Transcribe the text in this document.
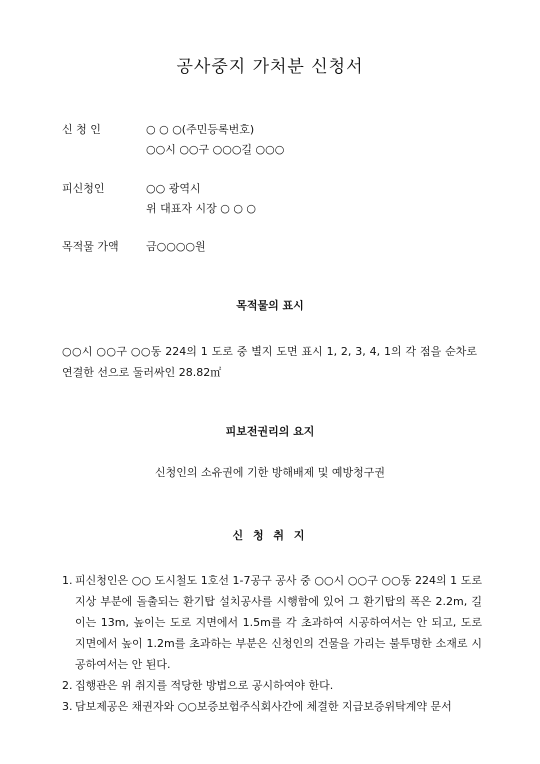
공사중지 가처분 신청서
신 청 인	○ ○ ○(주민등록번호)
○○시 ○○구 ○○○길 ○○○
피신청인	○○ 광역시
위 대표자 시장 ○ ○ ○
목적물 가액 금○○○○원
목적물의 표시
○○시 ○○구 ○○동 224의 1 도로 중 별지 도면 표시 1, 2, 3, 4, 1의 각 점을 순차로 연결한 선으로 둘러싸인 28.82㎡
피보전권리의 요지
신청인의 소유권에 기한 방해배제 및 예방청구권
신 청 취 지
1. 피신청인은 ○○ 도시철도 1호선 1-7공구 공사 중 ○○시 ○○구 ○○동 224의 1 도로 지상 부분에 돌출되는 환기탑 설치공사를 시행함에 있어 그 환기탑의 폭은 2.2m, 길이는 13m, 높이는 도로 지면에서 1.5m를 각 초과하여 시공하여서는 안 되고, 도로 지면에서 높이 1.2m를 초과하는 부분은 신청인의 건물을 가리는 불투명한 소재로 시공하여서는 안 된다.
2. 집행관은 위 취지를 적당한 방법으로 공시하여야 한다.
3. 담보제공은 채권자와 ○○보증보험주식회사간에 체결한 지급보증위탁계약 문서
